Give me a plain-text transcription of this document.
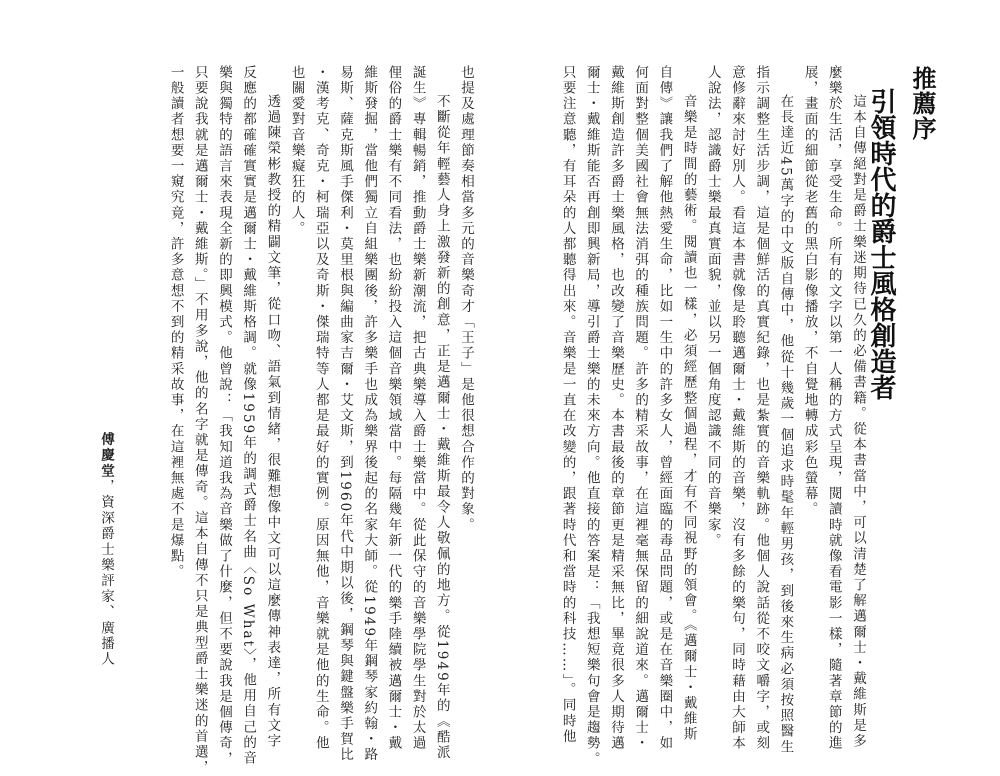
推薦序
引領時代的爵士風格創造者
這本自傳絕對是爵士樂迷期待已久的必備書籍。從本書當中，可以清楚了解邁爾士・戴維斯是多
麼樂於生活，享受生命。所有的文字以第一人稱的方式呈現，閱讀時就像看電影一樣，隨著章節的進
展，畫面的細節從老舊的黑白影像播放，不自覺地轉成彩色螢幕。
在長達近45萬字的中文版自傳中，他從十幾歲一個追求時髦年輕男孩，到後來生病必須按照醫生
指示調整生活步調，這是個鮮活的真實紀錄，也是紮實的音樂軌跡。他個人說話從不咬文嚼字，或刻
意修辭來討好別人。看這本書就像是聆聽邁爾士・戴維斯的音樂，沒有多餘的樂句，同時藉由大師本
人說法，認識爵士樂最真實面貌，並以另一個角度認識不同的音樂家。
音樂是時間的藝術。閱讀也一樣，必須經歷整個過程，才有不同視野的領會。《邁爾士・戴維斯
自傳》讓我們了解他熱愛生命，比如一生中的許多女人，曾經面臨的毒品問題，或是在音樂圈中，如
何面對整個美國社會無法消弭的種族問題。許多的精采故事，在這裡毫無保留的細說道來。邁爾士・
戴維斯創造許多爵士樂風格，也改變了音樂歷史。本書最後的章節更是精采無比，畢竟很多人期待邁
爾士・戴維斯能否再創即興新局，導引爵士樂的未來方向。他直接的答案是：「我想短樂句會是趨勢。
只要注意聽，有耳朵的人都聽得出來。音樂是一直在改變的，跟著時代和當時的科技……」。同時他
也提及處理節奏相當多元的音樂奇才「王子」是他很想合作的對象。
不斷從年輕藝人身上激發新的創意，正是邁爾士・戴維斯最令人敬佩的地方。從1949年的《酷派
誕生》專輯暢銷，推動爵士樂新潮流，把古典樂導入爵士樂當中。從此保守的音樂學院學生對於太過
俚俗的爵士樂有不同看法，也紛紛投入這個音樂領域當中。每隔幾年新一代的樂手陸續被邁爾士・戴
維斯發掘，當他們獨立自組樂團後，許多樂手也成為樂界後起的名家大師。從1949年鋼琴家約翰・路
易斯、薩克斯風手傑利・莫里根與編曲家吉爾・艾文斯，到1960年代中期以後，鋼琴與鍵盤樂手賀比
・漢考克、奇克・柯瑞亞以及奇斯・傑瑞特等人都是最好的實例。原因無他，音樂就是他的生命。他
也關愛對音樂癡狂的人。
透過陳榮彬教授的精闢文筆，從口吻、語氣到情緒，很難想像中文可以這麼傳神表達，所有文字
反應的都確確實實是邁爾士・戴維斯格調。就像1959年的調式爵士名曲〈So What〉，他用自己的音
樂與獨特的語言來表現全新的即興模式。他曾說：「我知道我為音樂做了什麼，但不要說我是個傳奇，
只要說我就是邁爾士・戴維斯。」不用多說，他的名字就是傳奇。這本自傳不只是典型爵士樂迷的首選，
一般讀者想要一窺究竟，許多意想不到的精采故事，在這裡無處不是爆點。
傅慶堂，資深爵士樂評家、廣播人
